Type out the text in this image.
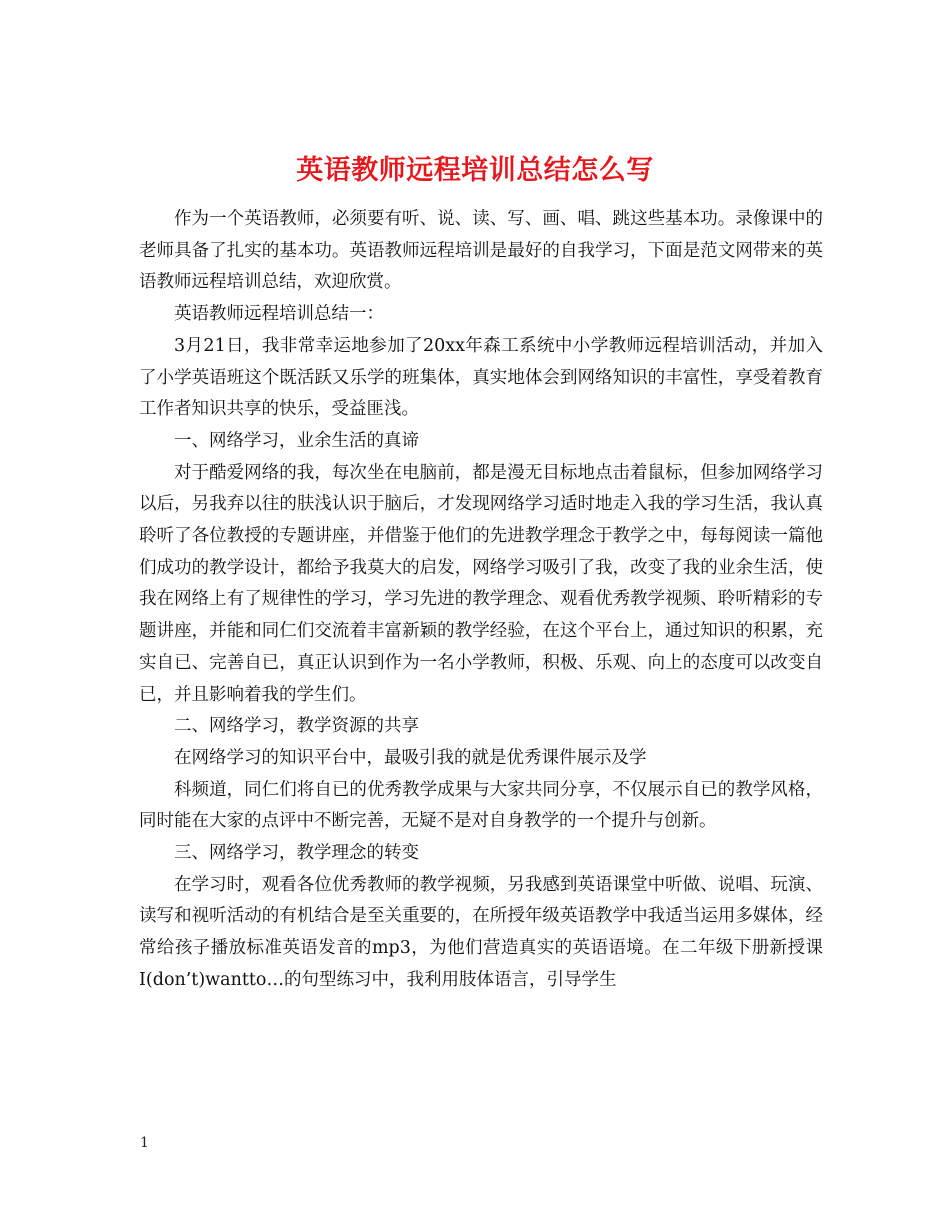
英语教师远程培训总结怎么写

作为一个英语教师，必须要有听、说、读、写、画、唱、跳这些基本功。录像课中的老师具备了扎实的基本功。英语教师远程培训是最好的自我学习，下面是范文网带来的英语教师远程培训总结，欢迎欣赏。

英语教师远程培训总结一：

3月21日，我非常幸运地参加了20xx年森工系统中小学教师远程培训活动，并加入了小学英语班这个既活跃又乐学的班集体，真实地体会到网络知识的丰富性，享受着教育工作者知识共享的快乐，受益匪浅。

一、网络学习，业余生活的真谛

对于酷爱网络的我，每次坐在电脑前，都是漫无目标地点击着鼠标，但参加网络学习以后，另我弃以往的肤浅认识于脑后，才发现网络学习适时地走入我的学习生活，我认真聆听了各位教授的专题讲座，并借鉴于他们的先进教学理念于教学之中，每每阅读一篇他们成功的教学设计，都给予我莫大的启发，网络学习吸引了我，改变了我的业余生活，使我在网络上有了规律性的学习，学习先进的教学理念、观看优秀教学视频、聆听精彩的专题讲座，并能和同仁们交流着丰富新颖的教学经验，在这个平台上，通过知识的积累，充实自已、完善自已，真正认识到作为一名小学教师，积极、乐观、向上的态度可以改变自已，并且影响着我的学生们。

二、网络学习，教学资源的共享

在网络学习的知识平台中，最吸引我的就是优秀课件展示及学

科频道，同仁们将自已的优秀教学成果与大家共同分享，不仅展示自已的教学风格，同时能在大家的点评中不断完善，无疑不是对自身教学的一个提升与创新。

三、网络学习，教学理念的转变

在学习时，观看各位优秀教师的教学视频，另我感到英语课堂中听做、说唱、玩演、读写和视听活动的有机结合是至关重要的，在所授年级英语教学中我适当运用多媒体，经常给孩子播放标准英语发音的mp3，为他们营造真实的英语语境。在二年级下册新授课I(don’t)wantto…的句型练习中，我利用肢体语言，引导学生

1
